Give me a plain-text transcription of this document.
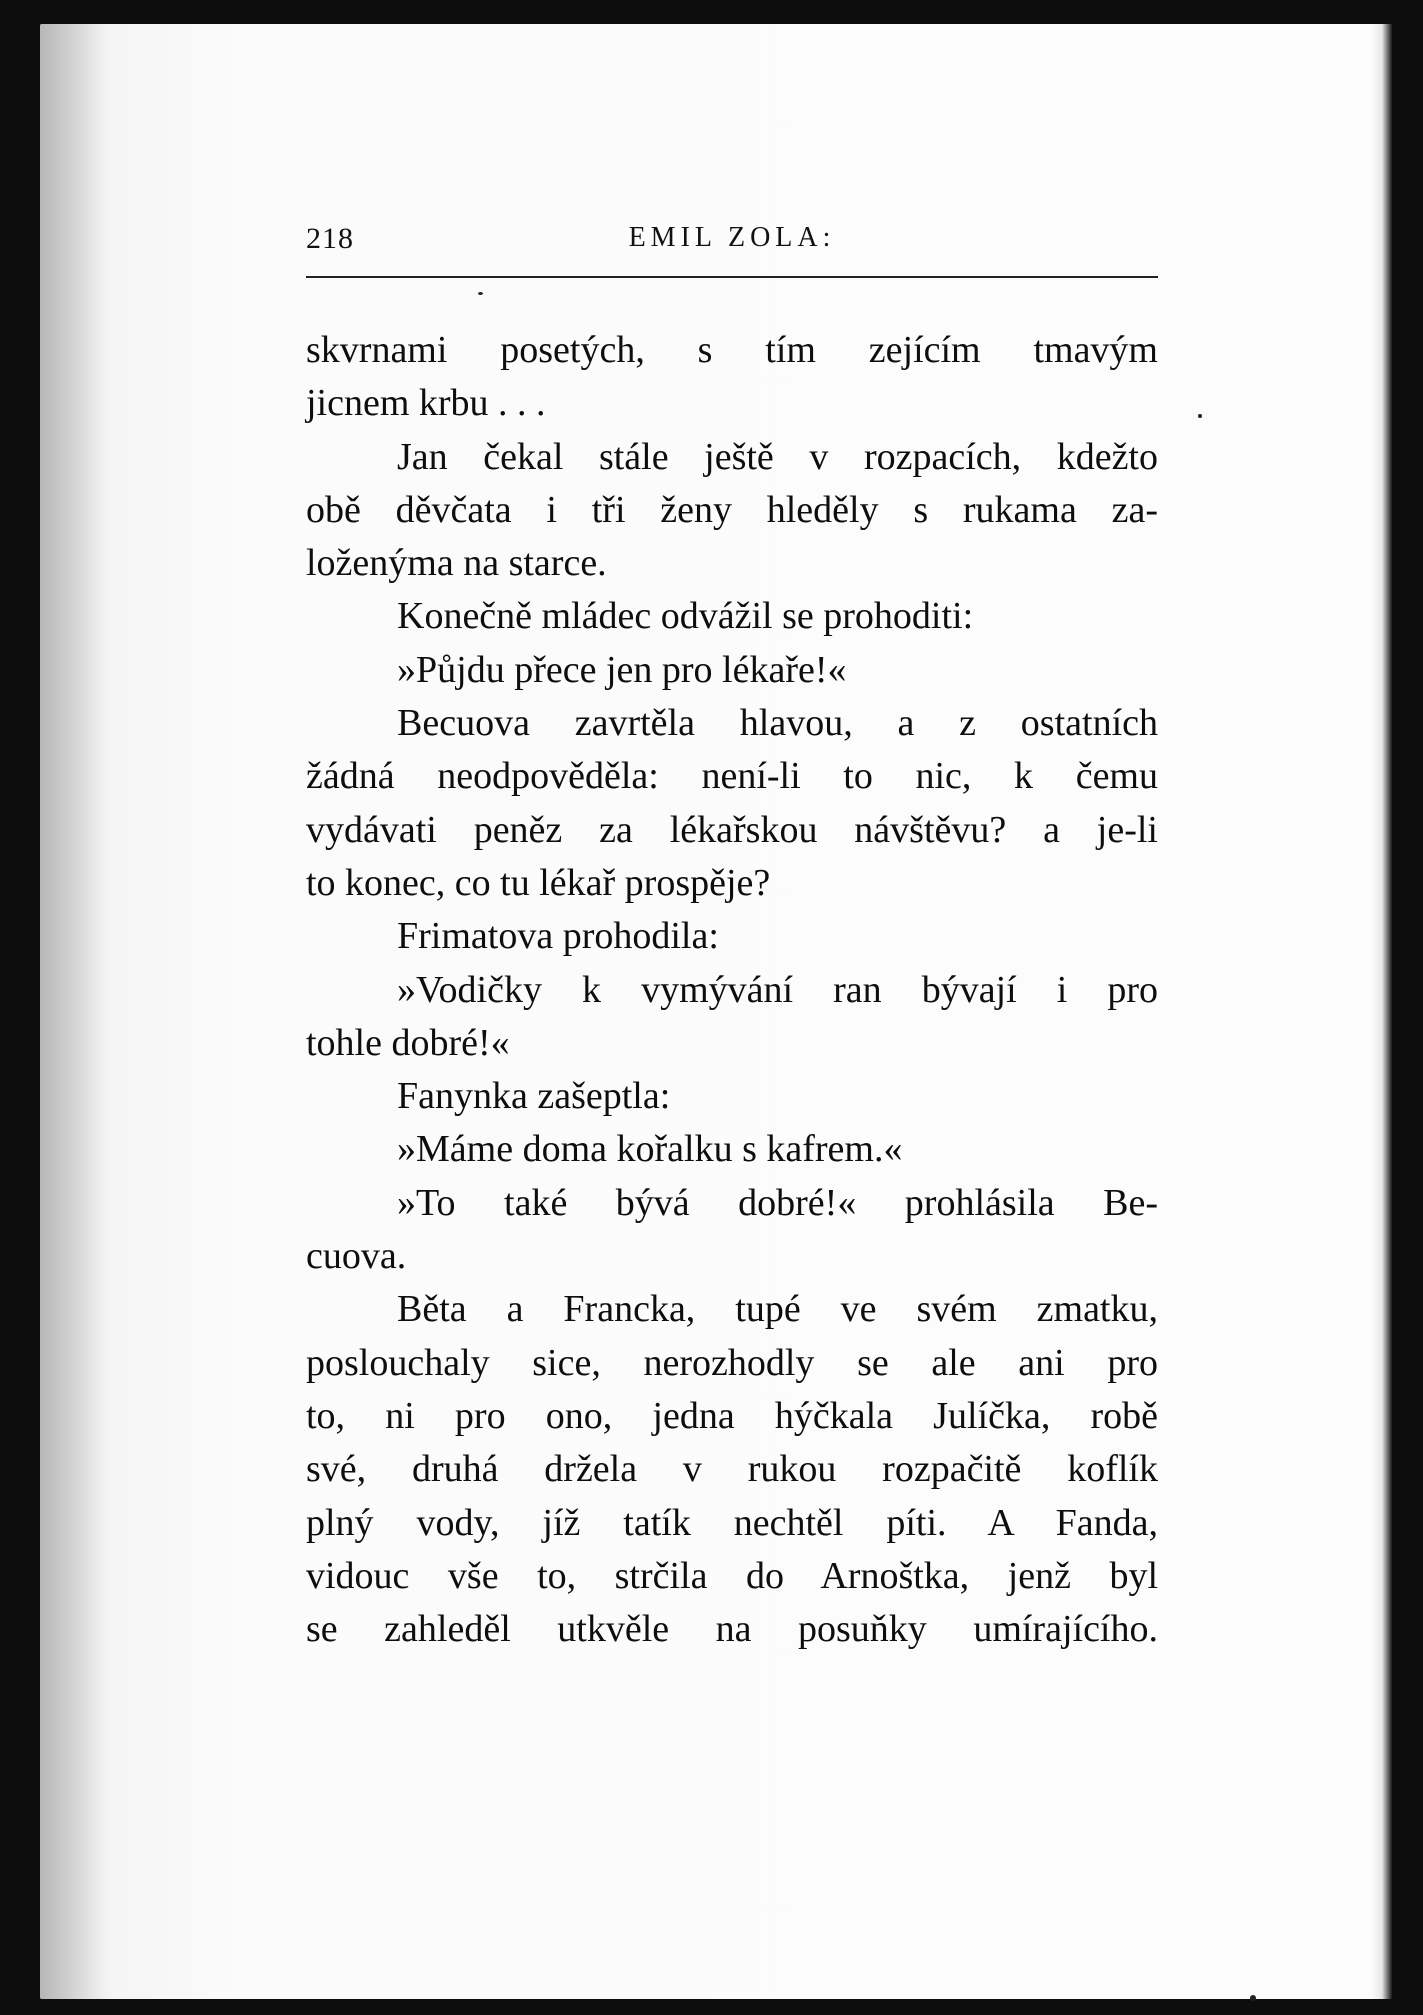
218	EMIL ZOLA:
skvrnami posetých, s tím zejícím tmavým
jicnem krbu . . .
Jan čekal stále ještě v rozpacích, kdežto
obě děvčata i tři ženy hleděly s rukama za-
loženýma na starce.
Konečně mládec odvážil se prohoditi:
»Půjdu přece jen pro lékaře!«
Becuova zavrtěla hlavou, a z ostatních
žádná neodpověděla: není-li to nic, k čemu
vydávati peněz za lékařskou návštěvu? a je-li
to konec, co tu lékař prospěje?
Frimatova prohodila:
»Vodičky k vymývání ran bývají i pro
tohle dobré!«
Fanynka zašeptla:
»Máme doma kořalku s kafrem.«
»To také bývá dobré!« prohlásila Be-
cuova.
Běta a Francka, tupé ve svém zmatku,
poslouchaly sice, nerozhodly se ale ani pro
to, ni pro ono, jedna hýčkala Julíčka, robě
své, druhá držela v rukou rozpačitě koflík
plný vody, jíž tatík nechtěl píti. A Fanda,
vidouc vše to, strčila do Arnoštka, jenž byl
se zahleděl utkvěle na posuňky umírajícího.
